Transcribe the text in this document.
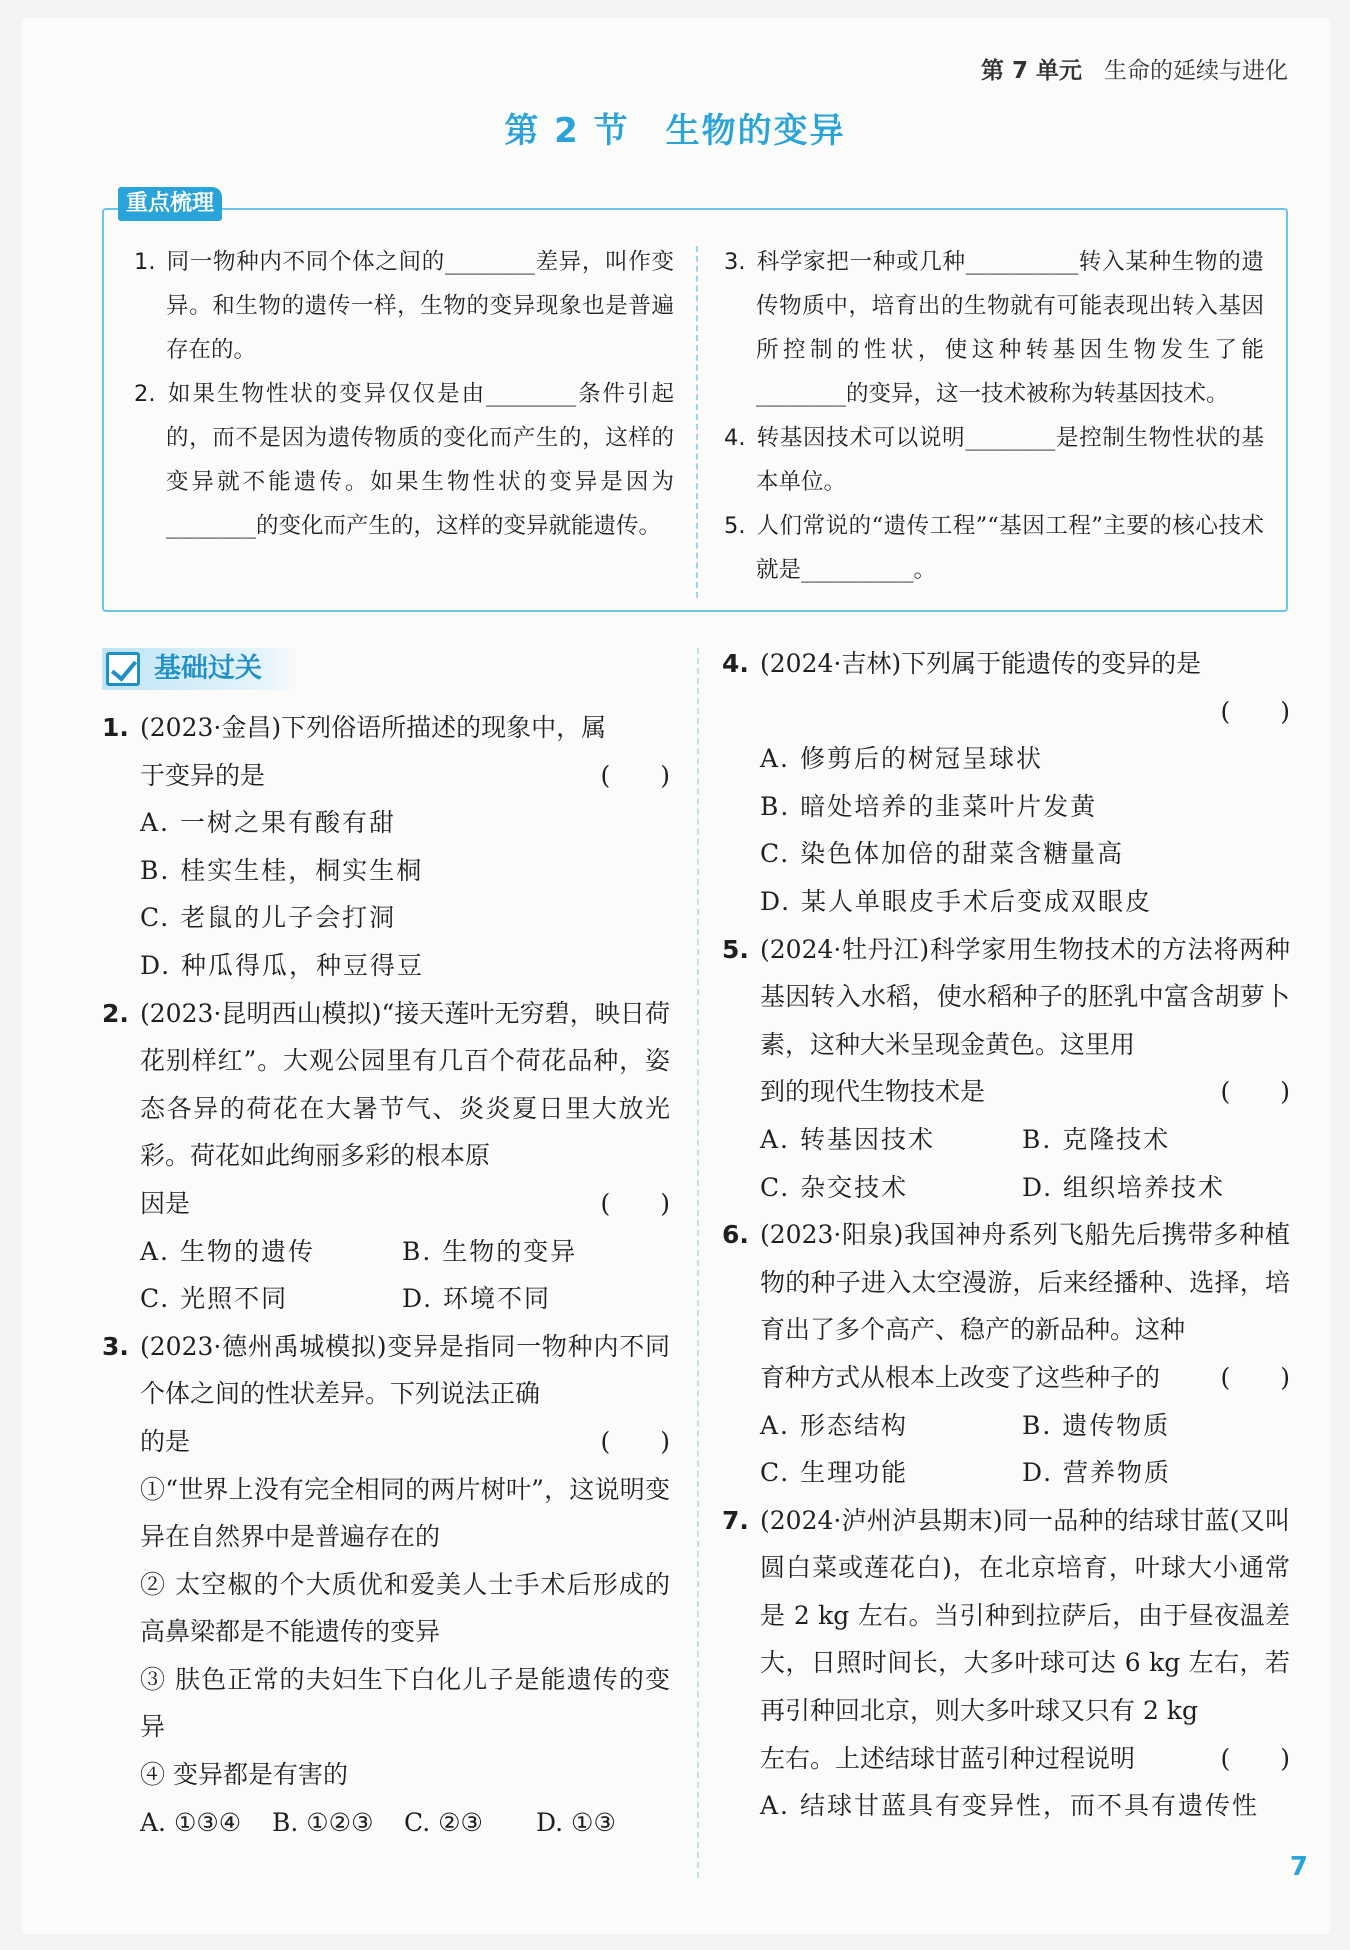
第 7 单元 生命的延续与进化
第 2 节 生物的变异
1. 同一物种内不同个体之间的________差异，叫作变异。和生物的遗传一样，生物的变异现象也是普遍存在的。
2. 如果生物性状的变异仅仅是由________条件引起的，而不是因为遗传物质的变化而产生的，这样的变异就不能遗传。如果生物性状的变异是因为________的变化而产生的，这样的变异就能遗传。
3. 科学家把一种或几种__________转入某种生物的遗传物质中，培育出的生物就有可能表现出转入基因所控制的性状，使这种转基因生物发生了能________的变异，这一技术被称为转基因技术。
4. 转基因技术可以说明________是控制生物性状的基本单位。
5. 人们常说的“遗传工程”“基因工程”主要的核心技术就是__________。
重点梳理
基础过关
1. (2023·金昌)下列俗语所描述的现象中，属
于变异的是	(　　)
A. 一树之果有酸有甜
B. 桂实生桂，桐实生桐
C. 老鼠的儿子会打洞
D. 种瓜得瓜，种豆得豆
2. (2023·昆明西山模拟)“接天莲叶无穷碧，映日荷花别样红”。大观公园里有几百个荷花品种，姿态各异的荷花在大暑节气、炎炎夏日里大放光彩。荷花如此绚丽多彩的根本原
因是	(　　)
A. 生物的遗传	B. 生物的变异
C. 光照不同	D. 环境不同
3. (2023·德州禹城模拟)变异是指同一物种内不同个体之间的性状差异。下列说法正确
的是	(　　)
①“世界上没有完全相同的两片树叶”，这说明变异在自然界中是普遍存在的
② 太空椒的个大质优和爱美人士手术后形成的高鼻梁都是不能遗传的变异
③ 肤色正常的夫妇生下白化儿子是能遗传的变异
④ 变异都是有害的
A. ①③④	B. ①②③	C. ②③	D. ①③
4. (2024·吉林)下列属于能遗传的变异的是
(　　)

A. 修剪后的树冠呈球状
B. 暗处培养的韭菜叶片发黄
C. 染色体加倍的甜菜含糖量高
D. 某人单眼皮手术后变成双眼皮
5. (2024·牡丹江)科学家用生物技术的方法将两种基因转入水稻，使水稻种子的胚乳中富含胡萝卜素，这种大米呈现金黄色。这里用
到的现代生物技术是	(　　)
A. 转基因技术	B. 克隆技术
C. 杂交技术	D. 组织培养技术
6. (2023·阳泉)我国神舟系列飞船先后携带多种植物的种子进入太空漫游，后来经播种、选择，培育出了多个高产、稳产的新品种。这种
育种方式从根本上改变了这些种子的 (　　)
A. 形态结构	B. 遗传物质
C. 生理功能	D. 营养物质
7. (2024·泸州泸县期末)同一品种的结球甘蓝(又叫圆白菜或莲花白)，在北京培育，叶球大小通常是 2 kg 左右。当引种到拉萨后，由于昼夜温差大，日照时间长，大多叶球可达 6 kg 左右，若再引种回北京，则大多叶球又只有 2 kg
左右。上述结球甘蓝引种过程说明	(　　)
A. 结球甘蓝具有变异性，而不具有遗传性
7
